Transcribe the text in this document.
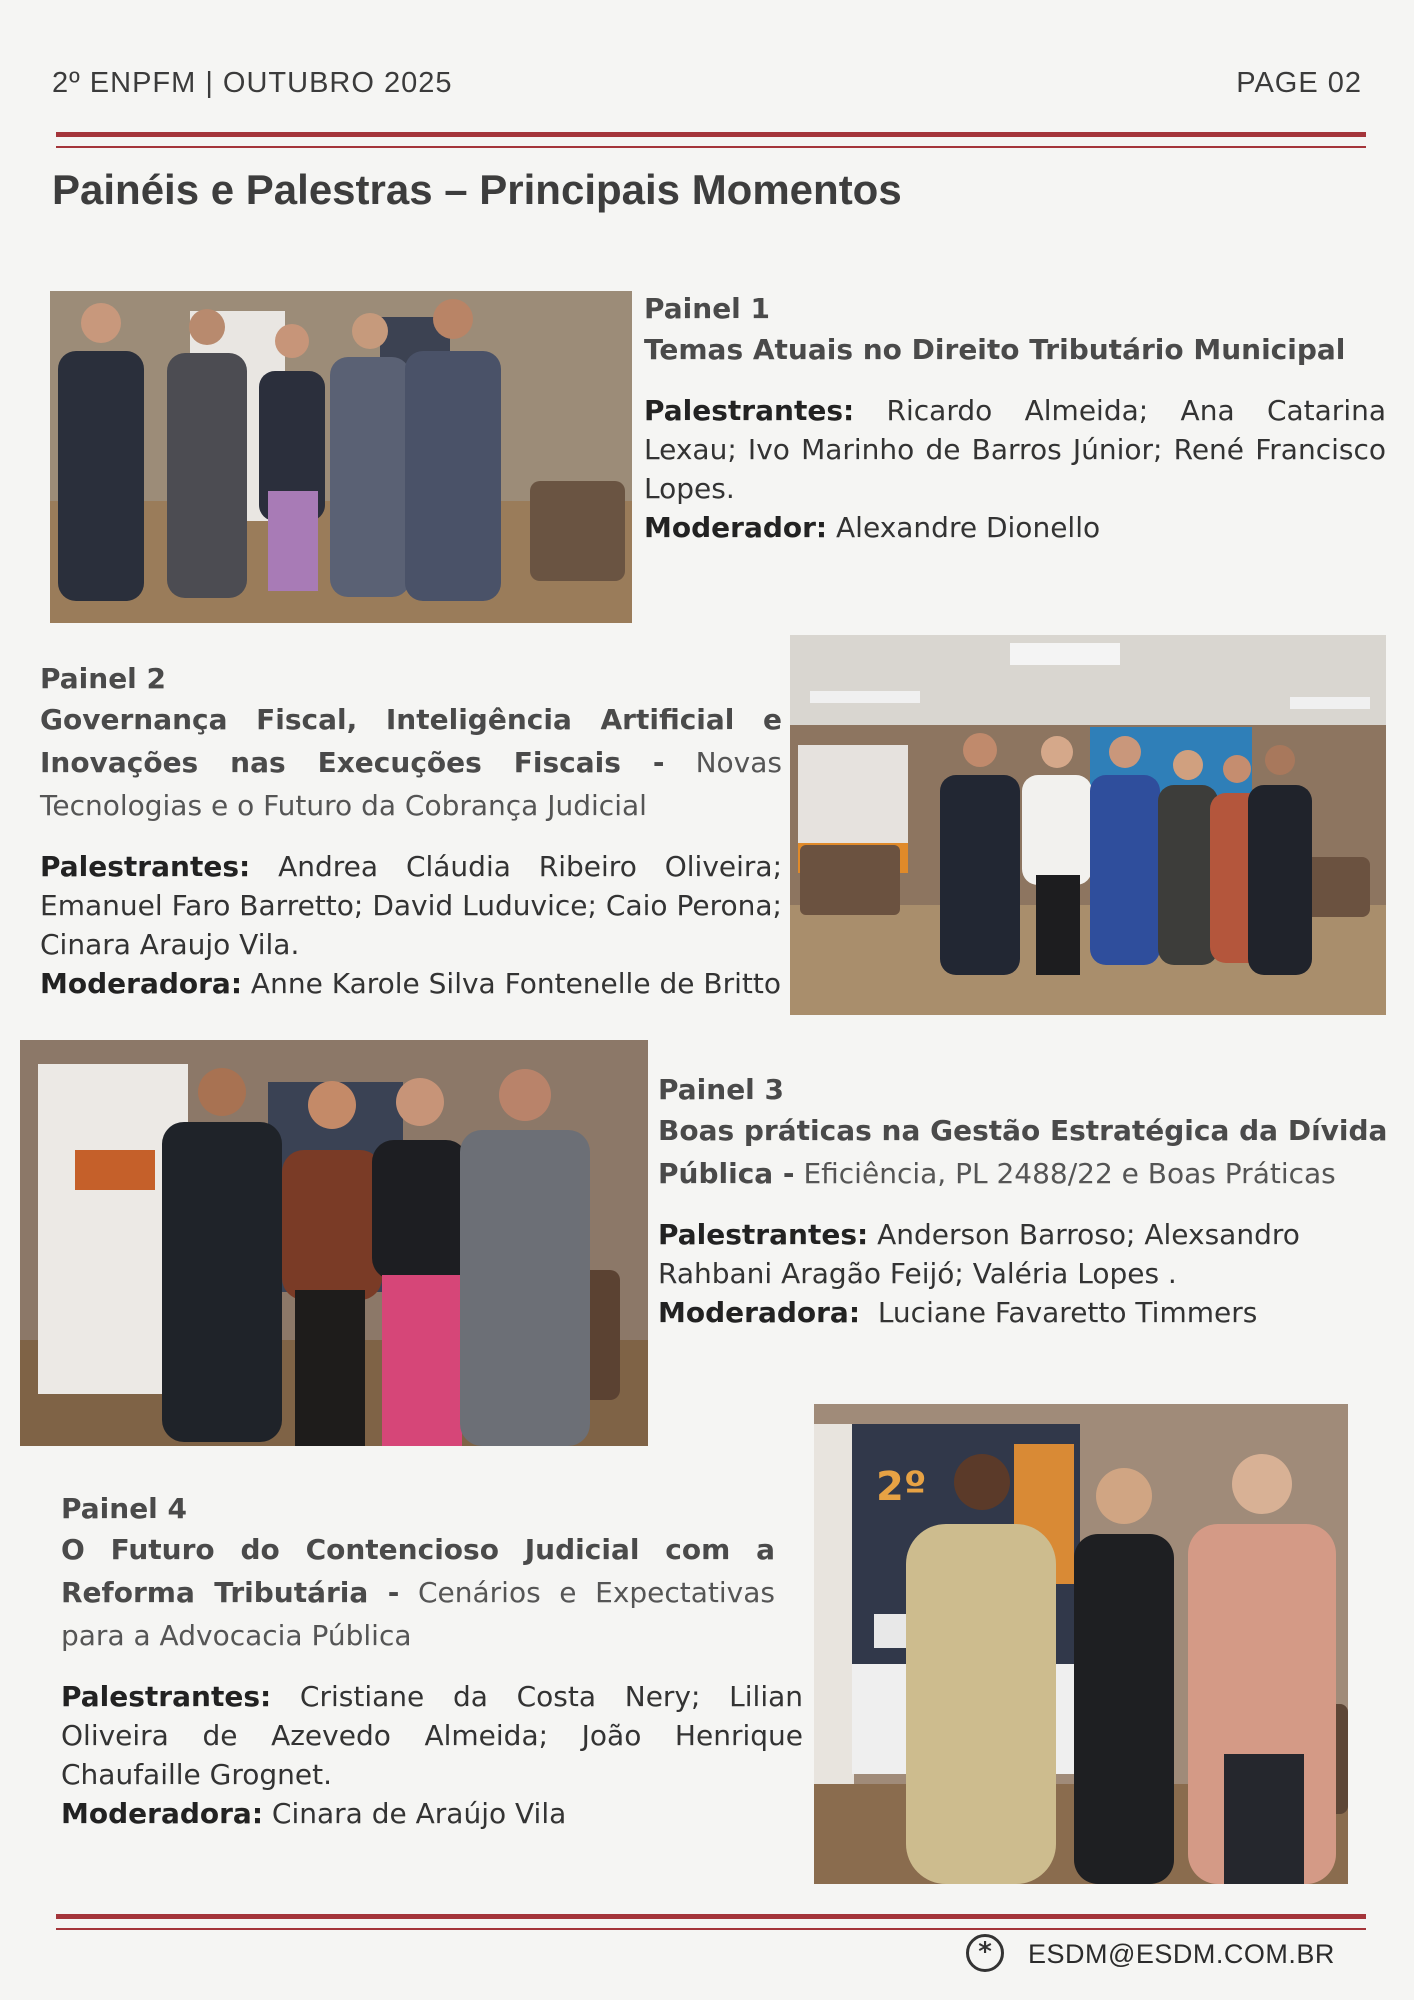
2º ENPFM | OUTUBRO 2025	PAGE 02
Painéis e Palestras – Principais Momentos
Painel 1
Temas Atuais no Direito Tributário Municipal

Palestrantes: Ricardo Almeida; Ana Catarina Lexau; Ivo Marinho de Barros Júnior; René Francisco Lopes.

Moderador: Alexandre Dionello

Painel 2
Governança Fiscal, Inteligência Artificial e Inovações nas Execuções Fiscais - Novas Tecnologias e o Futuro da Cobrança Judicial

Palestrantes: Andrea Cláudia Ribeiro Oliveira; Emanuel Faro Barretto; David Luduvice; Caio Perona; Cinara Araujo Vila.

Moderadora: Anne Karole Silva Fontenelle de Britto

Painel 3
Boas práticas na Gestão Estratégica da Dívida Pública - Eficiência, PL 2488/22 e Boas Práticas

Palestrantes: Anderson Barroso; Alexsandro Rahbani Aragão Feijó; Valéria Lopes .

Moderadora: Luciane Favaretto Timmers

Painel 4
O Futuro do Contencioso Judicial com a Reforma Tributária - Cenários e Expectativas para a Advocacia Pública

Palestrantes: Cristiane da Costa Nery; Lilian Oliveira de Azevedo Almeida; João Henrique Chaufaille Grognet.

Moderadora: Cinara de Araújo Vila

2º
*	ESDM@ESDM.COM.BR
